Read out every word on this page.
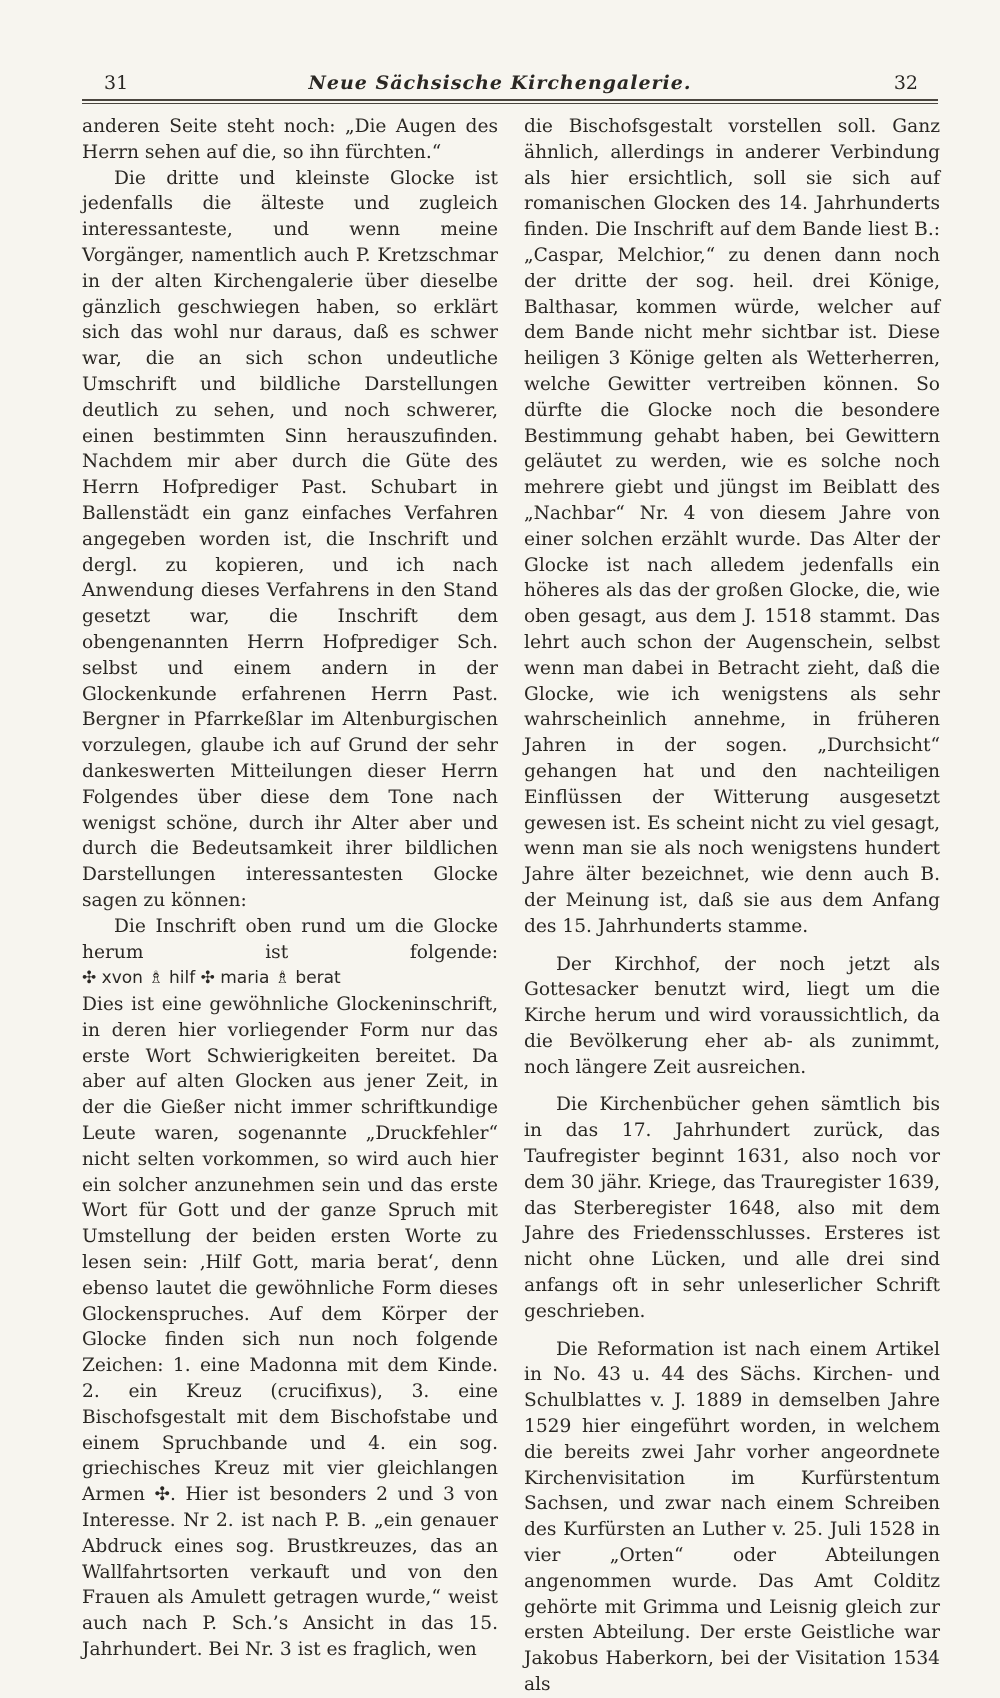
31	Neue Sächsische Kirchengalerie.	32

anderen Seite steht noch: „Die Augen des Herrn sehen auf die, so ihn fürchten.“

Die dritte und kleinste Glocke ist jedenfalls die älteste und zugleich interessanteste, und wenn meine Vorgänger, namentlich auch P. Kretzschmar in der alten Kirchengalerie über dieselbe gänzlich geschwiegen haben, so erklärt sich das wohl nur daraus, daß es schwer war, die an sich schon undeutliche Umschrift und bildliche Darstellungen deutlich zu sehen, und noch schwerer, einen bestimmten Sinn herauszufinden. Nachdem mir aber durch die Güte des Herrn Hofprediger Past. Schubart in Ballenstädt ein ganz einfaches Verfahren angegeben worden ist, die Inschrift und dergl. zu kopieren, und ich nach Anwendung dieses Verfahrens in den Stand gesetzt war, die Inschrift dem obengenannten Herrn Hofprediger Sch. selbst und einem andern in der Glockenkunde erfahrenen Herrn Past. Bergner in Pfarrkeßlar im Altenburgischen vorzulegen, glaube ich auf Grund der sehr dankeswerten Mitteilungen dieser Herrn Folgendes über diese dem Tone nach wenigst schöne, durch ihr Alter aber und durch die Bedeutsamkeit ihrer bildlichen Darstellungen interessantesten Glocke sagen zu können:

Die Inschrift oben rund um die Glocke herum ist folgende: ✣ xvon ♗ hilf ✣ maria ♗ berat

Dies ist eine gewöhnliche Glockeninschrift, in deren hier vorliegender Form nur das erste Wort Schwierigkeiten bereitet. Da aber auf alten Glocken aus jener Zeit, in der die Gießer nicht immer schriftkundige Leute waren, sogenannte „Druckfehler“ nicht selten vorkommen, so wird auch hier ein solcher anzunehmen sein und das erste Wort für Gott und der ganze Spruch mit Umstellung der beiden ersten Worte zu lesen sein: ‚Hilf Gott, maria berat‘, denn ebenso lautet die gewöhnliche Form dieses Glockenspruches. Auf dem Körper der Glocke finden sich nun noch folgende Zeichen: 1. eine Madonna mit dem Kinde. 2. ein Kreuz (crucifixus), 3. eine Bischofsgestalt mit dem Bischofstabe und einem Spruchbande und 4. ein sog. griechisches Kreuz mit vier gleichlangen Armen ✣. Hier ist besonders 2 und 3 von Interesse. Nr 2. ist nach P. B. „ein genauer Abdruck eines sog. Brustkreuzes, das an Wallfahrtsorten verkauft und von den Frauen als Amulett getragen wurde,“ weist auch nach P. Sch.’s Ansicht in das 15. Jahrhundert. Bei Nr. 3 ist es fraglich, wen

die Bischofsgestalt vorstellen soll. Ganz ähnlich, allerdings in anderer Verbindung als hier ersichtlich, soll sie sich auf romanischen Glocken des 14. Jahrhunderts finden. Die Inschrift auf dem Bande liest B.: „Caspar, Melchior,“ zu denen dann noch der dritte der sog. heil. drei Könige, Balthasar, kommen würde, welcher auf dem Bande nicht mehr sichtbar ist. Diese heiligen 3 Könige gelten als Wetterherren, welche Gewitter vertreiben können. So dürfte die Glocke noch die besondere Bestimmung gehabt haben, bei Gewittern geläutet zu werden, wie es solche noch mehrere giebt und jüngst im Beiblatt des „Nachbar“ Nr. 4 von diesem Jahre von einer solchen erzählt wurde. Das Alter der Glocke ist nach alledem jedenfalls ein höheres als das der großen Glocke, die, wie oben gesagt, aus dem J. 1518 stammt. Das lehrt auch schon der Augenschein, selbst wenn man dabei in Betracht zieht, daß die Glocke, wie ich wenigstens als sehr wahrscheinlich annehme, in früheren Jahren in der sogen. „Durchsicht“ gehangen hat und den nachteiligen Einflüssen der Witterung ausgesetzt gewesen ist. Es scheint nicht zu viel gesagt, wenn man sie als noch wenigstens hundert Jahre älter bezeichnet, wie denn auch B. der Meinung ist, daß sie aus dem Anfang des 15. Jahrhunderts stamme.

Der Kirchhof, der noch jetzt als Gottesacker benutzt wird, liegt um die Kirche herum und wird voraussichtlich, da die Bevölkerung eher ab- als zunimmt, noch längere Zeit ausreichen.

Die Kirchenbücher gehen sämtlich bis in das 17. Jahrhundert zurück, das Taufregister beginnt 1631, also noch vor dem 30 jähr. Kriege, das Trauregister 1639, das Sterberegister 1648, also mit dem Jahre des Friedensschlusses. Ersteres ist nicht ohne Lücken, und alle drei sind anfangs oft in sehr unleserlicher Schrift geschrieben.

Die Reformation ist nach einem Artikel in No. 43 u. 44 des Sächs. Kirchen- und Schulblattes v. J. 1889 in demselben Jahre 1529 hier eingeführt worden, in welchem die bereits zwei Jahr vorher angeordnete Kirchenvisitation im Kurfürstentum Sachsen, und zwar nach einem Schreiben des Kurfürsten an Luther v. 25. Juli 1528 in vier „Orten“ oder Abteilungen angenommen wurde. Das Amt Colditz gehörte mit Grimma und Leisnig gleich zur ersten Abteilung. Der erste Geistliche war Jakobus Haberkorn, bei der Visitation 1534 als
